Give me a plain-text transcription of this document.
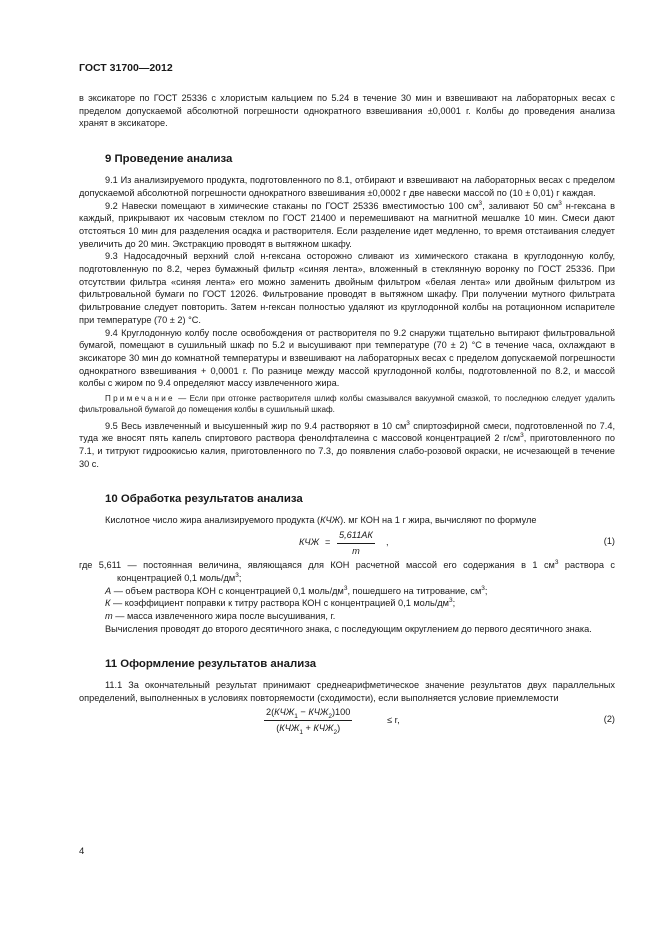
ГОСТ 31700—2012

в эксикаторе по ГОСТ 25336 с хлористым кальцием по 5.24 в течение 30 мин и взвешивают на лабораторных весах с пределом допускаемой абсолютной погрешности однократного взвешивания ±0,0001 г. Колбы до проведения анализа хранят в эксикаторе.

9 Проведение анализа

9.1 Из анализируемого продукта, подготовленного по 8.1, отбирают и взвешивают на лабораторных весах с пределом допускаемой абсолютной погрешности однократного взвешивания ±0,0002 г две навески массой по (10 ± 0,01) г каждая.

9.2 Навески помещают в химические стаканы по ГОСТ 25336 вместимостью 100 $см^3$, заливают 50 $см^3$ н-гексана в каждый, прикрывают их часовым стеклом по ГОСТ 21400 и перемешивают на магнитной мешалке 10 мин. Смеси дают отстояться 10 мин для разделения осадка и растворителя. Если разделение идет медленно, то время отстаивания следует увеличить до 20 мин. Экстракцию проводят в вытяжном шкафу.

9.3 Надосадочный верхний слой н-гексана осторожно сливают из химического стакана в круглодонную колбу, подготовленную по 8.2, через бумажный фильтр «синяя лента», вложенный в стеклянную воронку по ГОСТ 25336. При отсутствии фильтра «синяя лента» его можно заменить двойным фильтром «белая лента» или двойным фильтром из фильтровальной бумаги по ГОСТ 12026. Фильтрование проводят в вытяжном шкафу. При получении мутного фильтрата фильтрование следует повторить. Затем н-гексан полностью удаляют из круглодонной колбы на ротационном испарителе при температуре (70 ± 2) °С.

9.4 Круглодонную колбу после освобождения от растворителя по 9.2 снаружи тщательно вытирают фильтровальной бумагой, помещают в сушильный шкаф по 5.2 и высушивают при температуре (70 ± 2) °С в течение часа, охлаждают в эксикаторе 30 мин до комнатной температуры и взвешивают на лабораторных весах с пределом допускаемой погрешности однократного взвешивания + 0,0001 г. По разнице между массой круглодонной колбы, подготовленной по 8.2, и массой колбы с жиром по 9.4 определяют массу извлеченного жира.

Примечание — Если при отгонке растворителя шлиф колбы смазывался вакуумной смазкой, то последнюю следует удалить фильтровальной бумагой до помещения колбы в сушильный шкаф.

9.5 Весь извлеченный и высушенный жир по 9.4 растворяют в 10 $см^3$ спиртоэфирной смеси, подготовленной по 7.4, туда же вносят пять капель спиртового раствора фенолфталеина с массовой концентрацией 2 $г/см^3$, приготовленного по 7.1, и титруют гидроокисью калия, приготовленного по 7.3, до появления слабо-розовой окраски, не исчезающей в течение 30 с.

10 Обработка результатов анализа

Кислотное число жира анализируемого продукта (КЧЖ). мг КОН на 1 г жира, вычисляют по формуле

КЧЖ =
5,611АК
m
,	(1)

где 5,611 — постоянная величина, являющаяся для КОН расчетной массой его содержания в 1 $см^3$ раствора с концентрацией 0,1 моль/$дм^3$;

А — объем раствора КОН с концентрацией 0,1 моль/$дм^3$, пошедшего на титрование, $см^3$;

К — коэффициент поправки к титру раствора КОН с концентрацией 0,1 моль/$дм^3$;

m — масса извлеченного жира после высушивания, г.

Вычисления проводят до второго десятичного знака, с последующим округлением до первого десятичного знака.

11 Оформление результатов анализа

11.1 За окончательный результат принимают среднеарифметическое значение результатов двух параллельных определений, выполненных в условиях повторяемости (сходимости), если выполняется условие приемлемости

$2(КЧЖ_1 - КЧЖ_2)100$
$(КЧЖ_1 + КЧЖ_2)$
≤ r,	(2)
4
